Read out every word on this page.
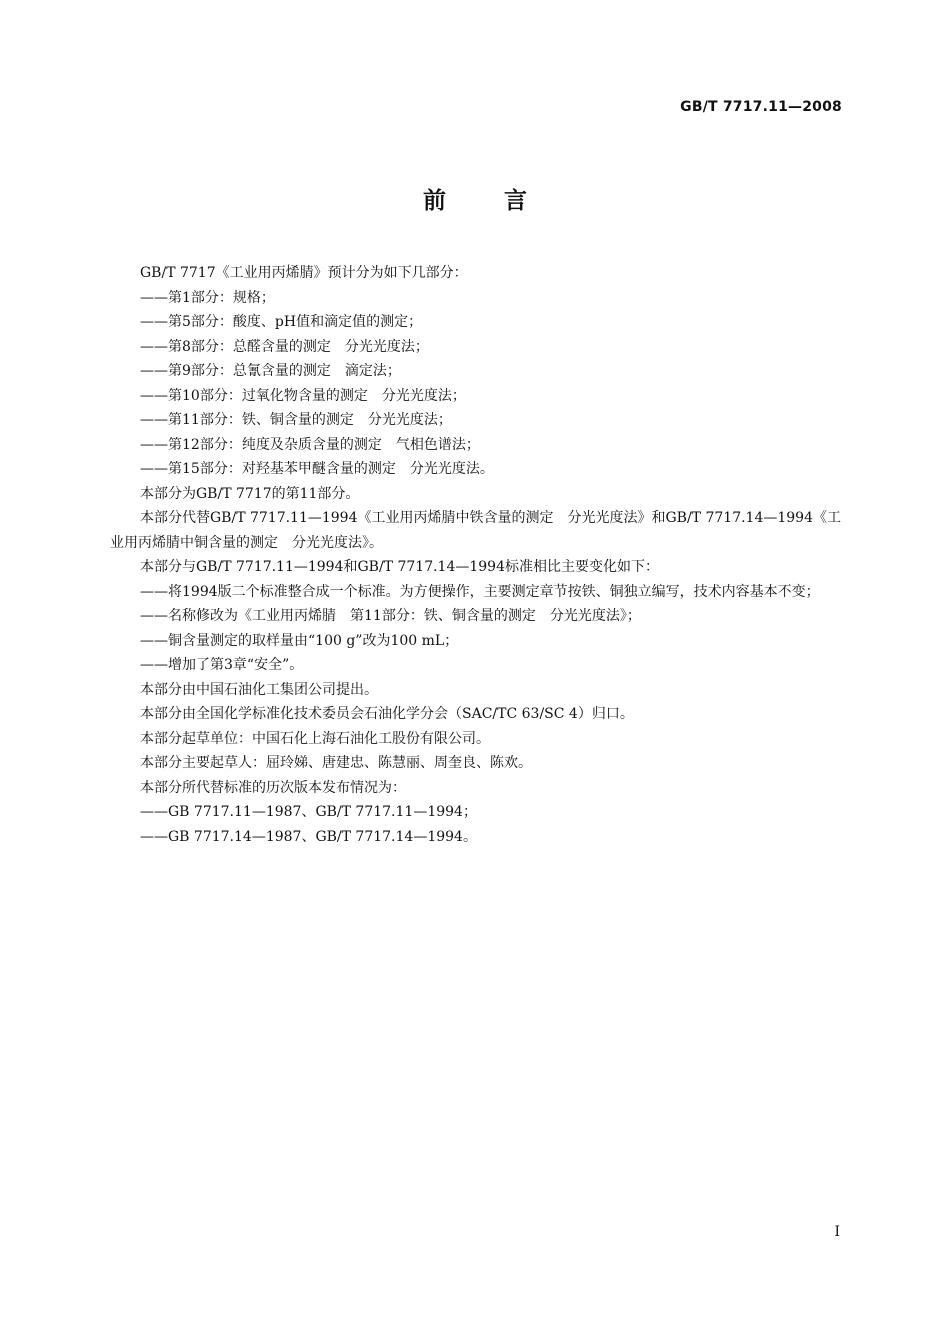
GB/T 7717.11—2008
前言

GB/T 7717《工业用丙烯腈》预计分为如下几部分：

——第1部分：规格；

——第5部分：酸度、pH值和滴定值的测定；

——第8部分：总醛含量的测定　分光光度法；

——第9部分：总氰含量的测定　滴定法；

——第10部分：过氧化物含量的测定　分光光度法；

——第11部分：铁、铜含量的测定　分光光度法；

——第12部分：纯度及杂质含量的测定　气相色谱法；

——第15部分：对羟基苯甲醚含量的测定　分光光度法。

本部分为GB/T 7717的第11部分。

本部分代替GB/T 7717.11—1994《工业用丙烯腈中铁含量的测定　分光光度法》和GB/T 7717.14—1994《工业用丙烯腈中铜含量的测定　分光光度法》。

本部分与GB/T 7717.11—1994和GB/T 7717.14—1994标准相比主要变化如下：

——将1994版二个标准整合成一个标准。为方便操作，主要测定章节按铁、铜独立编写，技术内容基本不变；

——名称修改为《工业用丙烯腈　第11部分：铁、铜含量的测定　分光光度法》；

——铜含量测定的取样量由“100 g”改为100 mL；

——增加了第3章“安全”。

本部分由中国石油化工集团公司提出。

本部分由全国化学标准化技术委员会石油化学分会（SAC/TC 63/SC 4）归口。

本部分起草单位：中国石化上海石油化工股份有限公司。

本部分主要起草人：屈玲娣、唐建忠、陈慧丽、周奎良、陈欢。

本部分所代替标准的历次版本发布情况为：

——GB 7717.11—1987、GB/T 7717.11—1994；

——GB 7717.14—1987、GB/T 7717.14—1994。

I
